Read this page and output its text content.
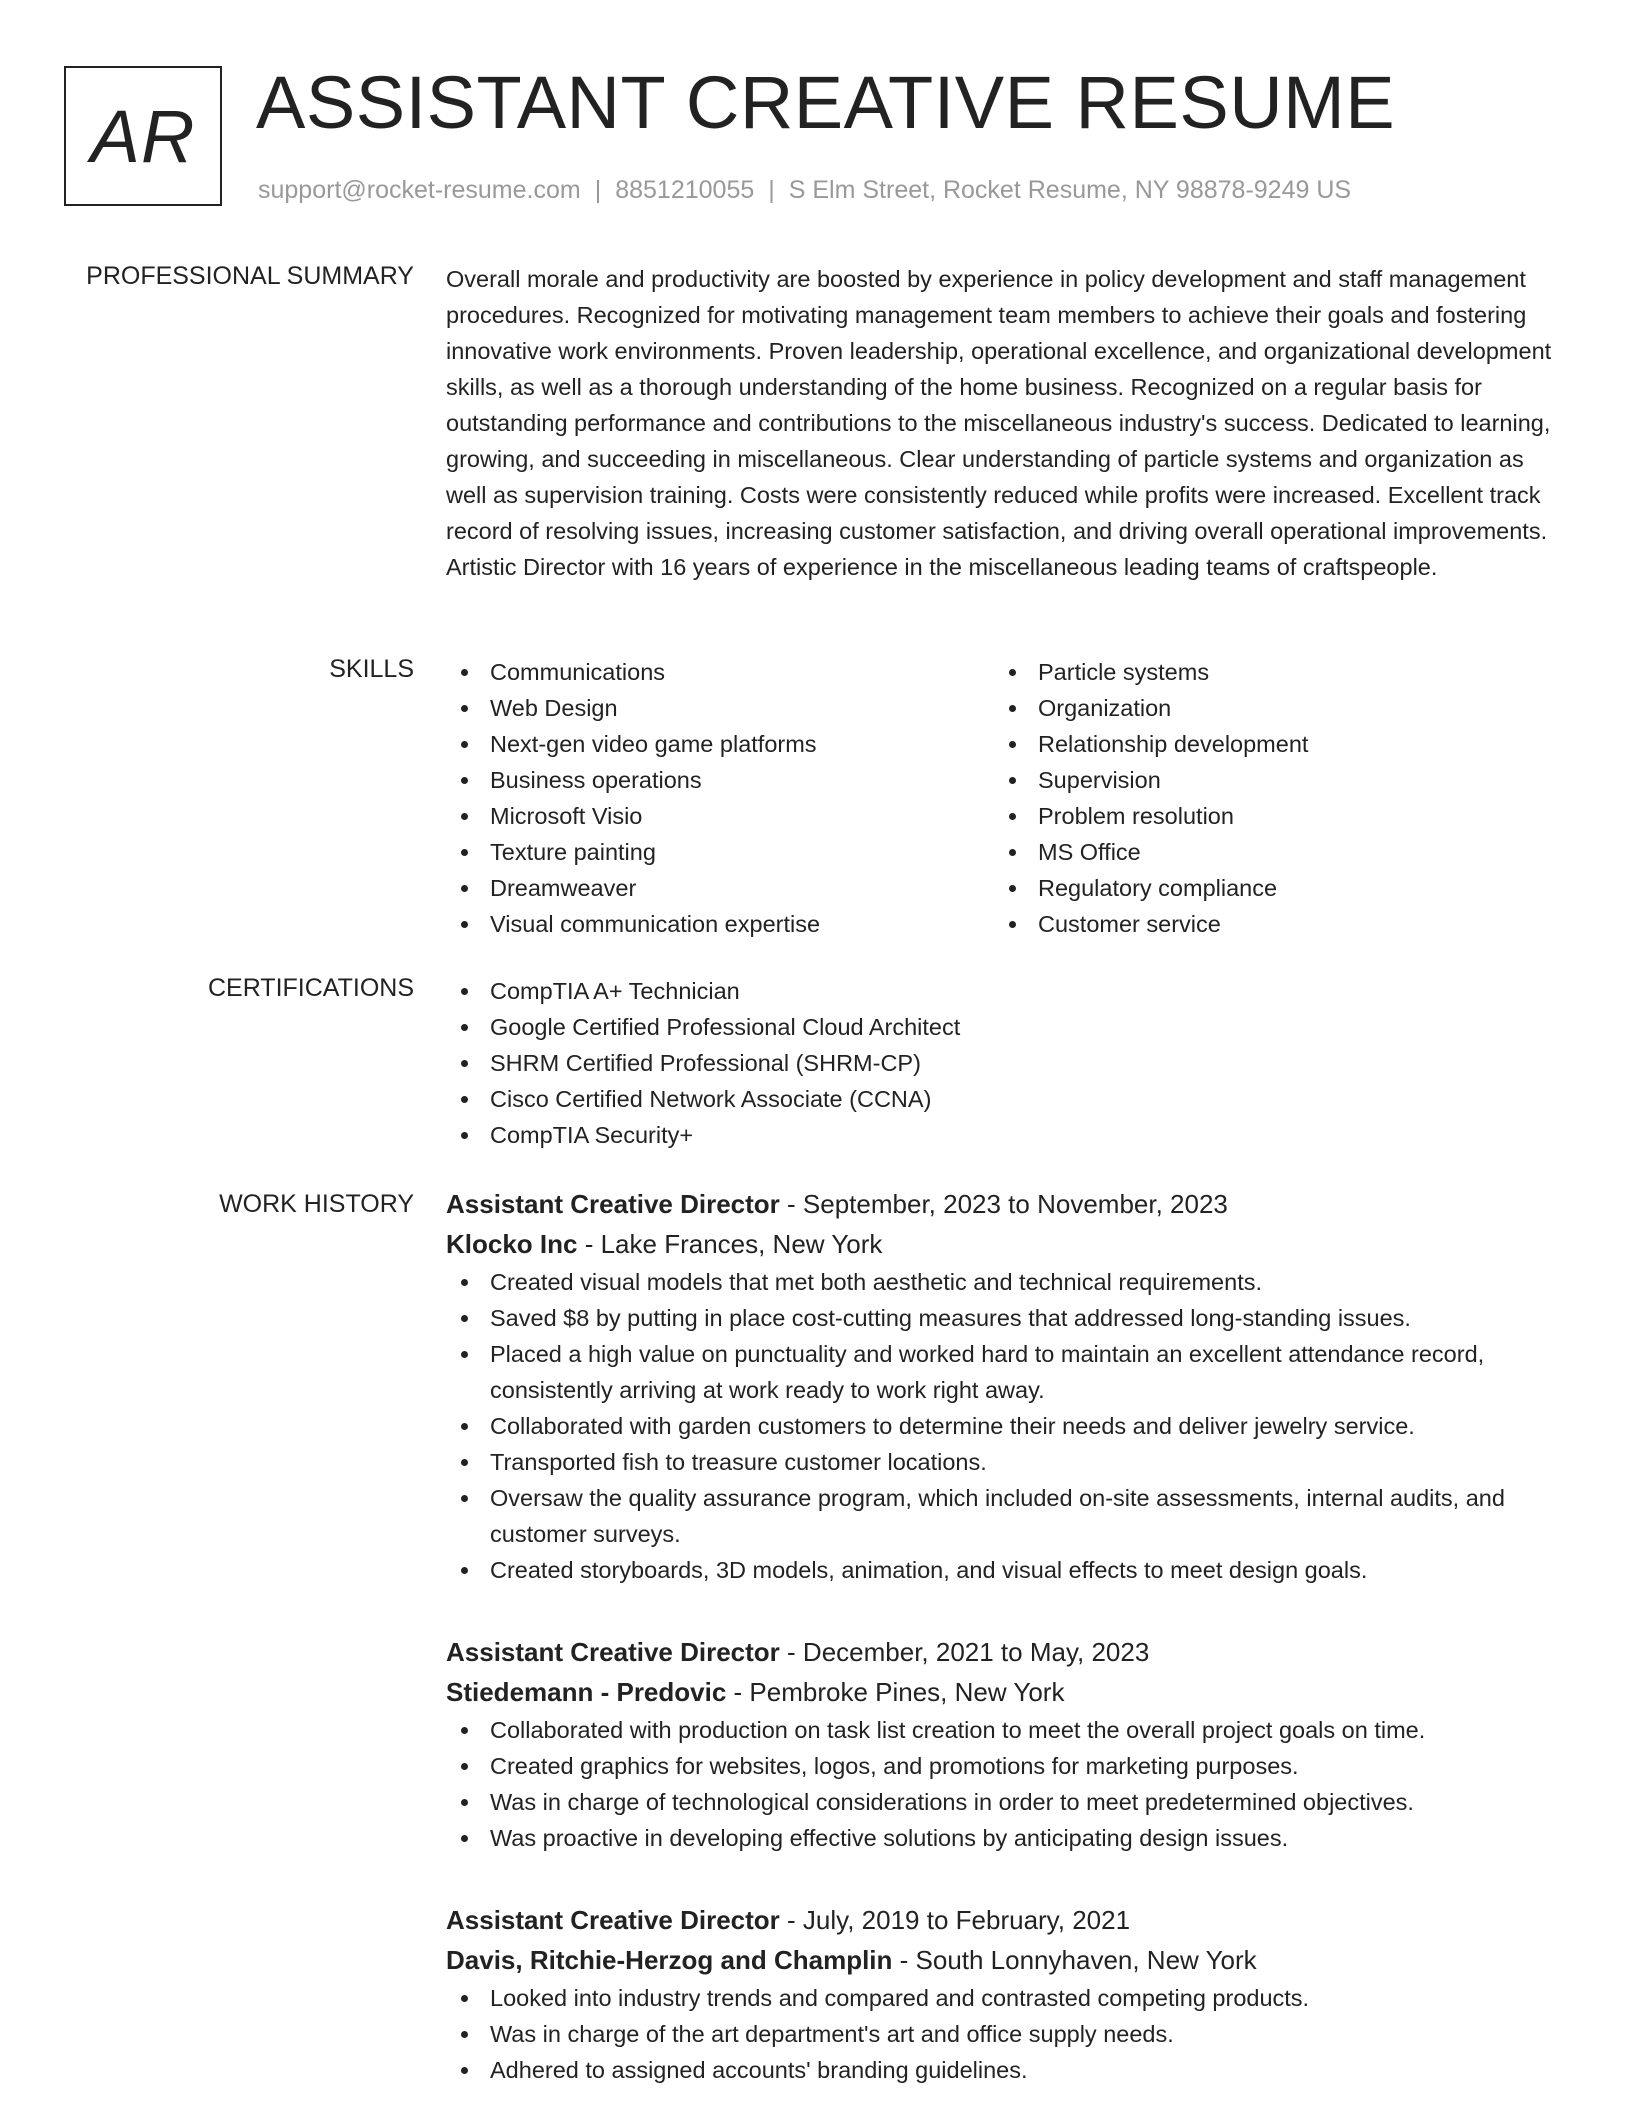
AR ASSISTANT CREATIVE RESUME
support@rocket-resume.com | 8851210055 | S Elm Street, Rocket Resume, NY 98878-9249 US
PROFESSIONAL SUMMARY Overall morale and productivity are boosted by experience in policy development and staff management procedures. Recognized for motivating management team members to achieve their goals and fostering innovative work environments. Proven leadership, operational excellence, and organizational development skills, as well as a thorough understanding of the home business. Recognized on a regular basis for outstanding performance and contributions to the miscellaneous industry's success. Dedicated to learning, growing, and succeeding in miscellaneous. Clear understanding of particle systems and organization as well as supervision training. Costs were consistently reduced while profits were increased. Excellent track record of resolving issues, increasing customer satisfaction, and driving overall operational improvements. Artistic Director with 16 years of experience in the miscellaneous leading teams of craftspeople.

SKILLS	Communications
Web Design
Next-gen video game platforms
Business operations
Microsoft Visio
Texture painting
Dreamweaver
Visual communication expertise
Particle systems
Organization
Relationship development
Supervision
Problem resolution
MS Office
Regulatory compliance
Customer service
CERTIFICATIONS	CompTIA A+ Technician
Google Certified Professional Cloud Architect
SHRM Certified Professional (SHRM-CP)
Cisco Certified Network Associate (CCNA)
CompTIA Security+
WORK HISTORY Assistant Creative Director - September, 2023 to November, 2023
Klocko Inc - Lake Frances, New York
Created visual models that met both aesthetic and technical requirements.
Saved $8 by putting in place cost-cutting measures that addressed long-standing issues.
Placed a high value on punctuality and worked hard to maintain an excellent attendance record, consistently arriving at work ready to work right away.
Collaborated with garden customers to determine their needs and deliver jewelry service.
Transported fish to treasure customer locations.
Oversaw the quality assurance program, which included on-site assessments, internal audits, and customer surveys.
Created storyboards, 3D models, animation, and visual effects to meet design goals.
Assistant Creative Director - December, 2021 to May, 2023
Stiedemann - Predovic - Pembroke Pines, New York
Collaborated with production on task list creation to meet the overall project goals on time.
Created graphics for websites, logos, and promotions for marketing purposes.
Was in charge of technological considerations in order to meet predetermined objectives.
Was proactive in developing effective solutions by anticipating design issues.
Assistant Creative Director - July, 2019 to February, 2021
Davis, Ritchie-Herzog and Champlin - South Lonnyhaven, New York
Looked into industry trends and compared and contrasted competing products.
Was in charge of the art department's art and office supply needs.
Adhered to assigned accounts' branding guidelines.
